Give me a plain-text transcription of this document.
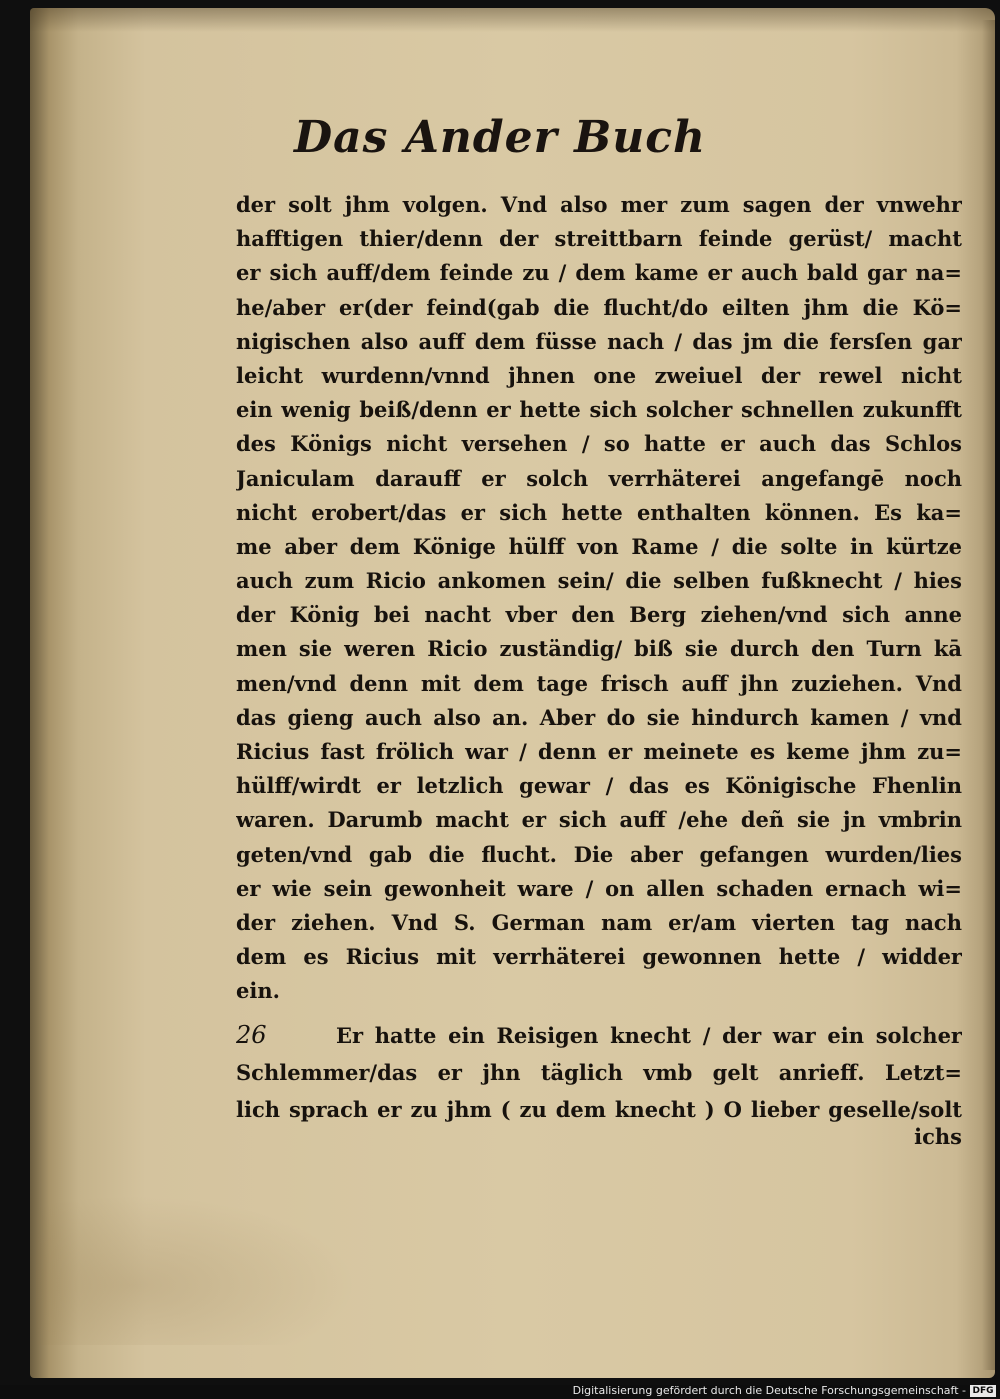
Das Ander Buch
der solt jhm volgen. Vnd also mer zum sagen der vnwehr
hafftigen thier/denn der streittbarn feinde gerüst/ macht
er sich auff/dem feinde zu / dem kame er auch bald gar na=
he/aber er(der feind(gab die flucht/do eilten jhm die Kö=
nigischen also auff dem füsse nach / das jm die fersſen gar
leicht wurdenn/vnnd jhnen one zweiuel der rewel nicht
ein wenig beiß/denn er hette sich solcher schnellen zukunfft
des Königs nicht versehen / so hatte er auch das Schlos
Janiculam darauff er solch verrhäterei angefangē noch
nicht erobert/das er sich hette enthalten können. Es ka=
me aber dem Könige hülff von Rame / die solte in kürtze
auch zum Ricio ankomen sein/ die selben fußknecht / hies
der König bei nacht vber den Berg ziehen/vnd sich anne
men sie weren Ricio zuständig/ biß sie durch den Turn kā
men/vnd denn mit dem tage frisch auff jhn zuziehen. Vnd
das gieng auch also an. Aber do sie hindurch kamen / vnd
Ricius fast frölich war / denn er meinete es keme jhm zu=
hülff/wirdt er letzlich gewar / das es Königische Fhenlin
waren. Darumb macht er sich auff /ehe deñ sie jn vmbrin
geten/vnd gab die flucht. Die aber gefangen wurden/lies
er wie sein gewonheit ware / on allen schaden ernach wi=
der ziehen. Vnd S. German nam er/am vierten tag nach
dem es Ricius mit verrhäterei gewonnen hette / widder
ein.
26	Er hatte ein Reisigen knecht / der war ein solcher
Schlemmer/das er jhn täglich vmb gelt anrieff. Letzt=
lich sprach er zu jhm ( zu dem knecht ) O lieber geselle/solt
ichs
Digitalisierung gefördert durch die Deutsche Forschungsgemeinschaft - DFG
